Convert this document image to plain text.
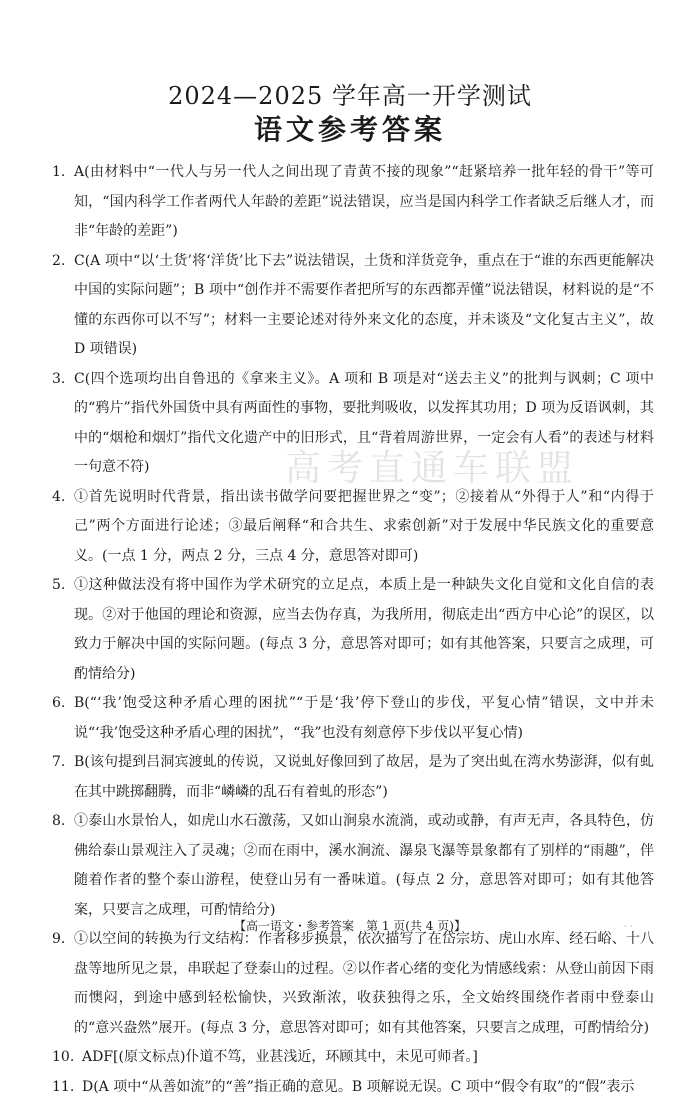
2024—2025 学年高一开学测试
语文参考答案
高考直通车联盟
1. A(由材料中“一代人与另一代人之间出现了青黄不接的现象”“赶紧培养一批年轻的骨干”等可知，“国内科学工作者两代人年龄的差距”说法错误，应当是国内科学工作者缺乏后继人才，而非“年龄的差距”)
2. C(A 项中“以‘土货’将‘洋货’比下去”说法错误，土货和洋货竞争，重点在于“谁的东西更能解决中国的实际问题”；B 项中“创作并不需要作者把所写的东西都弄懂”说法错误，材料说的是“不懂的东西你可以不写”；材料一主要论述对待外来文化的态度，并未谈及“文化复古主义”，故 D 项错误)
3. C(四个选项均出自鲁迅的《拿来主义》。A 项和 B 项是对“送去主义”的批判与讽刺；C 项中的“鸦片”指代外国货中具有两面性的事物，要批判吸收，以发挥其功用；D 项为反语讽刺，其中的“烟枪和烟灯”指代文化遗产中的旧形式，且“背着周游世界，一定会有人看”的表述与材料一句意不符)
4. ①首先说明时代背景，指出读书做学问要把握世界之“变”；②接着从“外得于人”和“内得于己”两个方面进行论述；③最后阐释“和合共生、求索创新”对于发展中华民族文化的重要意义。(一点 1 分，两点 2 分，三点 4 分，意思答对即可)
5. ①这种做法没有将中国作为学术研究的立足点，本质上是一种缺失文化自觉和文化自信的表现。②对于他国的理论和资源，应当去伪存真，为我所用，彻底走出“西方中心论”的误区，以致力于解决中国的实际问题。(每点 3 分，意思答对即可；如有其他答案，只要言之成理，可酌情给分)
6. B(“‘我’饱受这种矛盾心理的困扰”“于是‘我’停下登山的步伐，平复心情”错误，文中并未说“‘我’饱受这种矛盾心理的困扰”，“我”也没有刻意停下步伐以平复心情)
7. B(该句提到吕洞宾渡虬的传说，又说虬好像回到了故居，是为了突出虬在湾水势澎湃，似有虬在其中跳掷翻腾，而非“嶙嶙的乱石有着虬的形态”)
8. ①泰山水景怡人，如虎山水石激荡，又如山涧泉水流淌，或动或静，有声无声，各具特色，仿佛给泰山景观注入了灵魂；②而在雨中，溪水涧流、瀑泉飞瀑等景象都有了别样的“雨趣”，伴随着作者的整个泰山游程，使登山另有一番味道。(每点 2 分，意思答对即可；如有其他答案，只要言之成理，可酌情给分)
9. ①以空间的转换为行文结构：作者移步换景，依次描写了在岱宗坊、虎山水库、经石峪、十八盘等地所见之景，串联起了登泰山的过程。②以作者心绪的变化为情感线索：从登山前因下雨而懊闷，到途中感到轻松愉快，兴致渐浓，收获独得之乐，全文始终围绕作者雨中登泰山的“意兴盎然”展开。(每点 3 分，意思答对即可；如有其他答案，只要言之成理，可酌情给分)
10. ADF[(原文标点)仆道不笃，业甚浅近，环顾其中，未见可师者。]
11. D(A 项中“从善如流”的“善”指正确的意见。B 项解说无误。C 项中“假令有取”的“假”表示
【高一语文・参考答案　第 1 页(共 4 页)】	· ·
